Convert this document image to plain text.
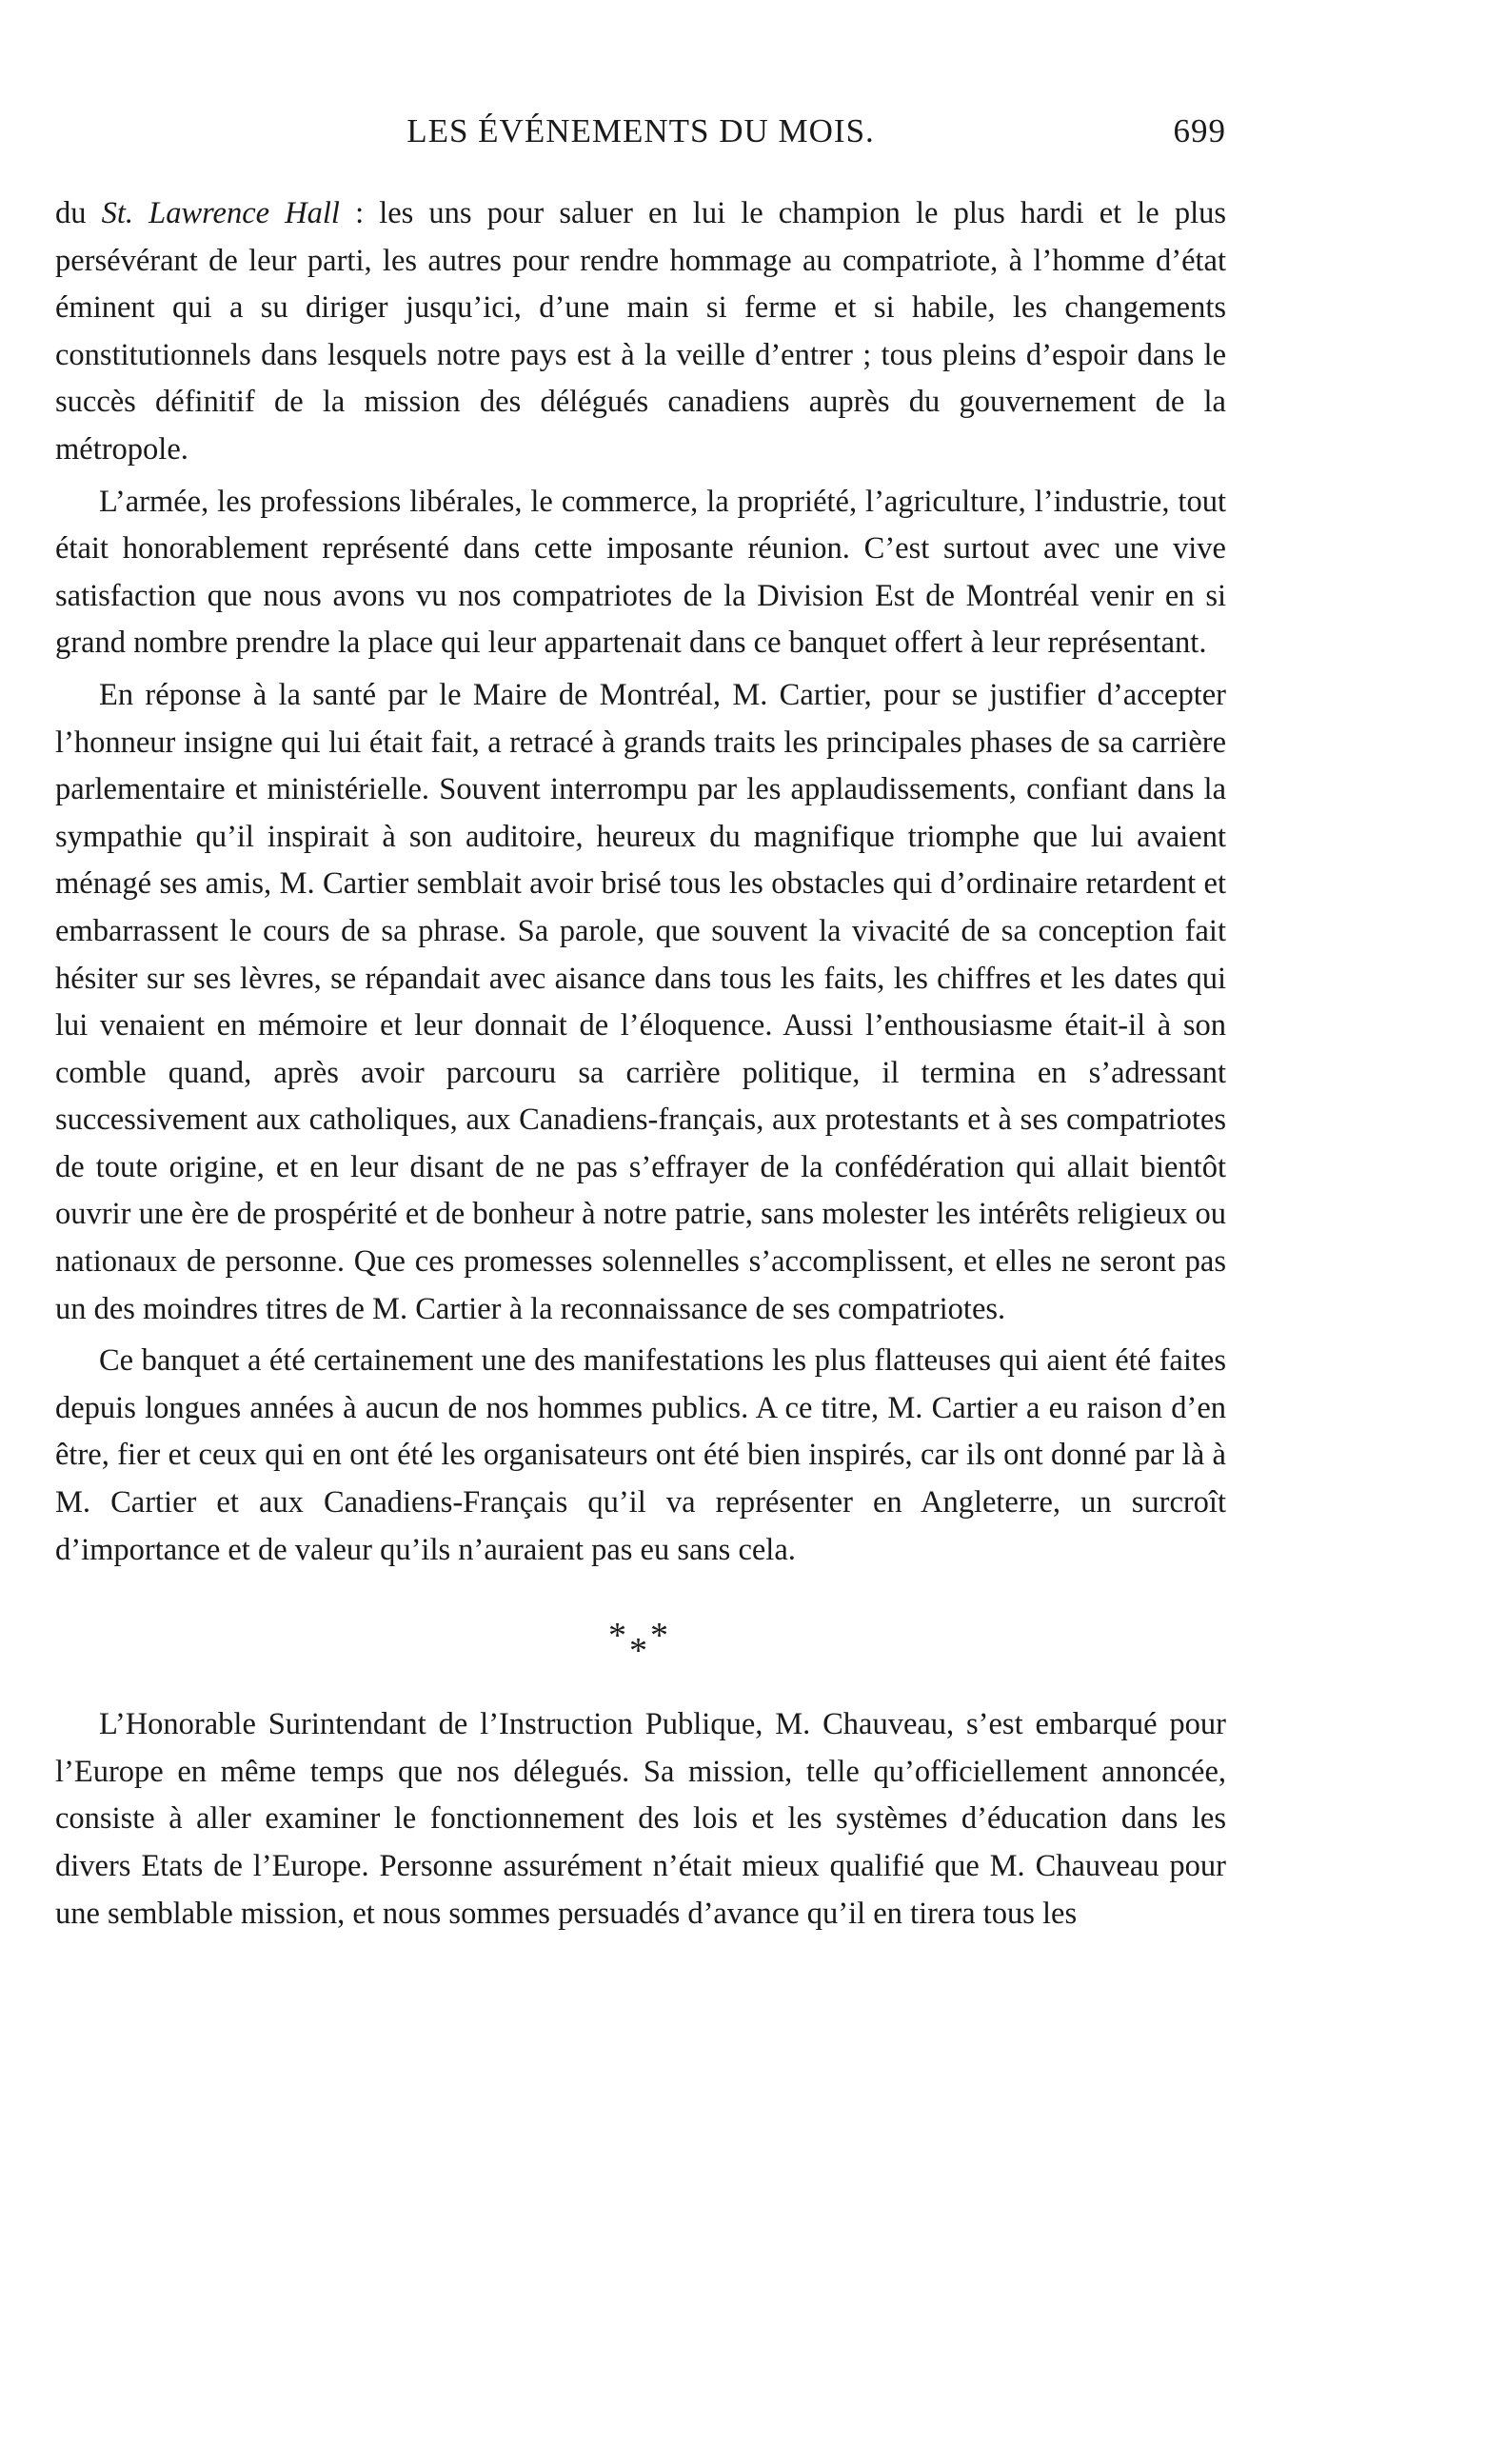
LES ÉVÉNEMENTS DU MOIS.	699

du St. Lawrence Hall : les uns pour saluer en lui le champion le plus hardi et le plus persévérant de leur parti, les autres pour rendre hommage au compatriote, à l’homme d’état éminent qui a su diriger jusqu’ici, d’une main si ferme et si habile, les changements constitutionnels dans lesquels notre pays est à la veille d’entrer ; tous pleins d’espoir dans le succès définitif de la mission des délégués canadiens auprès du gouvernement de la métropole.

L’armée, les professions libérales, le commerce, la propriété, l’agriculture, l’industrie, tout était honorablement représenté dans cette imposante réunion. C’est surtout avec une vive satisfaction que nous avons vu nos compatriotes de la Division Est de Montréal venir en si grand nombre prendre la place qui leur appartenait dans ce banquet offert à leur représentant.

En réponse à la santé par le Maire de Montréal, M. Cartier, pour se justifier d’accepter l’honneur insigne qui lui était fait, a retracé à grands traits les principales phases de sa carrière parlementaire et ministérielle. Souvent interrompu par les applaudissements, confiant dans la sympathie qu’il inspirait à son auditoire, heureux du magnifique triomphe que lui avaient ménagé ses amis, M. Cartier semblait avoir brisé tous les obstacles qui d’ordinaire retardent et embarrassent le cours de sa phrase. Sa parole, que souvent la vivacité de sa conception fait hésiter sur ses lèvres, se répandait avec aisance dans tous les faits, les chiffres et les dates qui lui venaient en mémoire et leur donnait de l’éloquence. Aussi l’enthousiasme était-il à son comble quand, après avoir parcouru sa carrière politique, il termina en s’adressant successivement aux catholiques, aux Canadiens-français, aux protestants et à ses compatriotes de toute origine, et en leur disant de ne pas s’effrayer de la confédération qui allait bientôt ouvrir une ère de prospérité et de bonheur à notre patrie, sans molester les intérêts religieux ou nationaux de personne. Que ces promesses solennelles s’accomplissent, et elles ne seront pas un des moindres titres de M. Cartier à la reconnaissance de ses compatriotes.

Ce banquet a été certainement une des manifestations les plus flatteuses qui aient été faites depuis longues années à aucun de nos hommes publics. A ce titre, M. Cartier a eu raison d’en être, fier et ceux qui en ont été les organisateurs ont été bien inspirés, car ils ont donné par là à M. Cartier et aux Canadiens-Français qu’il va représenter en Angleterre, un surcroît d’importance et de valeur qu’ils n’auraient pas eu sans cela.

* * *

L’Honorable Surintendant de l’Instruction Publique, M. Chauveau, s’est embarqué pour l’Europe en même temps que nos délegués. Sa mission, telle qu’officiellement annoncée, consiste à aller examiner le fonctionnement des lois et les systèmes d’éducation dans les divers Etats de l’Europe. Personne assurément n’était mieux qualifié que M. Chauveau pour une semblable mission, et nous sommes persuadés d’avance qu’il en tirera tous les
